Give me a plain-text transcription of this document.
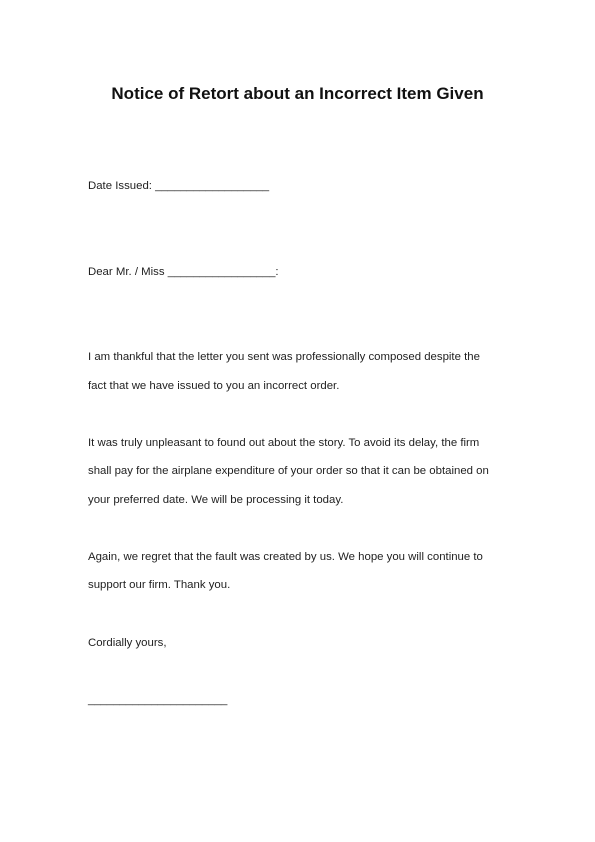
Notice of Retort about an Incorrect Item Given
Date Issued: __________________
Dear Mr. / Miss _________________:
I am thankful that the letter you sent was professionally composed despite the
fact that we have issued to you an incorrect order.
It was truly unpleasant to found out about the story. To avoid its delay, the firm
shall pay for the airplane expenditure of your order so that it can be obtained on
your preferred date. We will be processing it today.
Again, we regret that the fault was created by us. We hope you will continue to
support our firm. Thank you.
Cordially yours,
______________________
